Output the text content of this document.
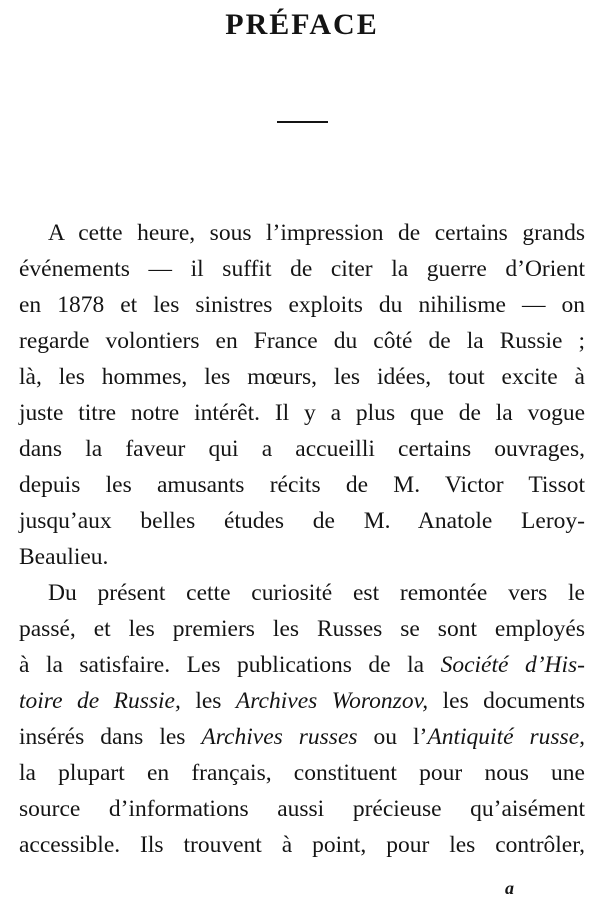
PRÉFACE
A cette heure, sous l’impression de certains grands
événements — il suffit de citer la guerre d’Orient
en 1878 et les sinistres exploits du nihilisme — on
regarde volontiers en France du côté de la Russie ;
là, les hommes, les mœurs, les idées, tout excite à
juste titre notre intérêt. Il y a plus que de la vogue
dans la faveur qui a accueilli certains ouvrages,
depuis les amusants récits de M. Victor Tissot
jusqu’aux belles études de M. Anatole Leroy-
Beaulieu.
Du présent cette curiosité est remontée vers le
passé, et les premiers les Russes se sont employés
à la satisfaire. Les publications de la Société d’His-
toire de Russie, les Archives Woronzov, les documents
insérés dans les Archives russes ou l’Antiquité russe,
la plupart en français, constituent pour nous une
source d’informations aussi précieuse qu’aisément
accessible. Ils trouvent à point, pour les contrôler,
a
